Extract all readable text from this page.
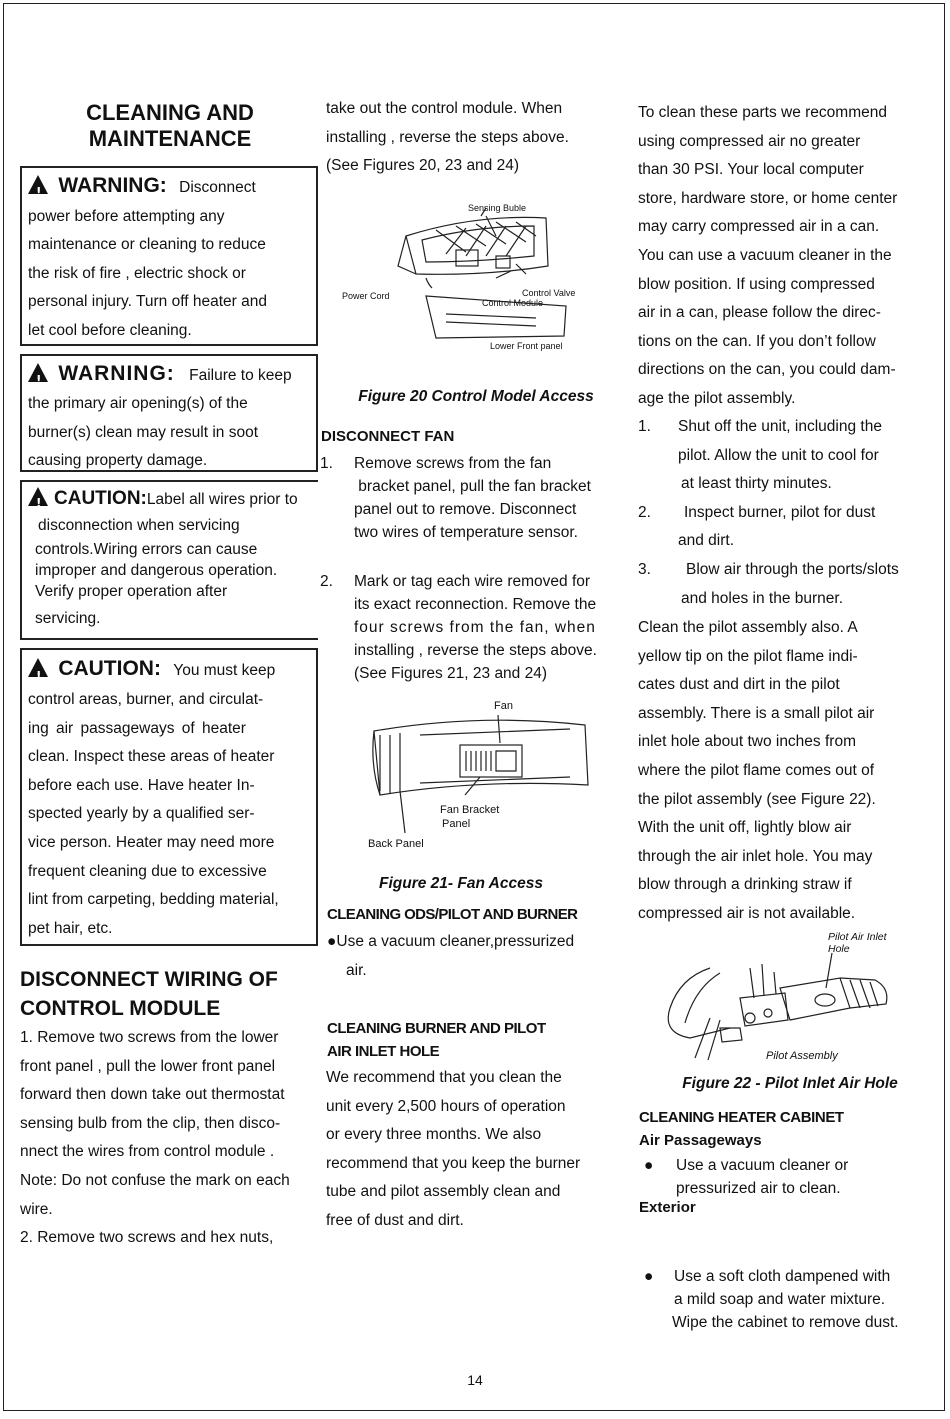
CLEANING AND
MAINTENANCE
! WARNING: Disconnect
power before attempting any
maintenance or cleaning to reduce
the risk of fire , electric shock or
personal injury. Turn off heater and
let cool before cleaning.
! WARNING: Failure to keep
the primary air opening(s) of the
burner(s) clean may result in soot
causing property damage.
!CAUTION:Label all wires prior to
disconnection when servicing
controls.Wiring errors can cause
improper and dangerous operation.
Verify proper operation after
servicing.
! CAUTION: You must keep
control areas, burner, and circulat-
ing air passageways of heater
clean. Inspect these areas of heater
before each use. Have heater In-
spected yearly by a qualified ser-
vice person. Heater may need more
frequent cleaning due to excessive
lint from carpeting, bedding material,
pet hair, etc.
DISCONNECT WIRING OF
CONTROL MODULE
1. Remove two screws from the lower
front panel , pull the lower front panel
forward then down take out thermostat
sensing bulb from the clip, then disco-
nnect the wires from control module .
Note: Do not confuse the mark on each
wire.
2. Remove two screws and hex nuts,
take out the control module. When
installing , reverse the steps above.
(See Figures 20, 23 and 24)
Sensing Buble
Power Cord	Control Valve
Control Module
Lower Front panel
Figure 20 Control Model Access
DISCONNECT FAN
1. Remove screws from the fan
bracket panel, pull the fan bracket
panel out to remove. Disconnect
two wires of temperature sensor.
2. Mark or tag each wire removed for
its exact reconnection. Remove the
four screws from the fan, when
installing , reverse the steps above.
(See Figures 21, 23 and 24)
Fan
Fan Bracket
Panel
Back Panel
Figure 21- Fan Access
CLEANING ODS/PILOT AND BURNER
●Use a vacuum cleaner,pressurized
air.
CLEANING BURNER AND PILOT
AIR INLET HOLE
We recommend that you clean the
unit every 2,500 hours of operation
or every three months. We also
recommend that you keep the burner
tube and pilot assembly clean and
free of dust and dirt.
To clean these parts we recommend
using compressed air no greater
than 30 PSI. Your local computer
store, hardware store, or home center
may carry compressed air in a can.
You can use a vacuum cleaner in the
blow position. If using compressed
air in a can, please follow the direc-
tions on the can. If you don’t follow
directions on the can, you could dam-
age the pilot assembly.
1. Shut off the unit, including the
pilot. Allow the unit to cool for
at least thirty minutes.
2. Inspect burner, pilot for dust
and dirt.
3. Blow air through the ports/slots
and holes in the burner.
Clean the pilot assembly also. A
yellow tip on the pilot flame indi-
cates dust and dirt in the pilot
assembly. There is a small pilot air
inlet hole about two inches from
where the pilot flame comes out of
the pilot assembly (see Figure 22).
With the unit off, lightly blow air
through the air inlet hole. You may
blow through a drinking straw if
compressed air is not available.
Pilot Air Inlet
Hole
Pilot Assembly
Figure 22 - Pilot Inlet Air Hole
CLEANING HEATER CABINET
Air Passageways
● Use a vacuum cleaner or
pressurized air to clean.
Exterior
● Use a soft cloth dampened with
a mild soap and water mixture.
Wipe the cabinet to remove dust.
14
